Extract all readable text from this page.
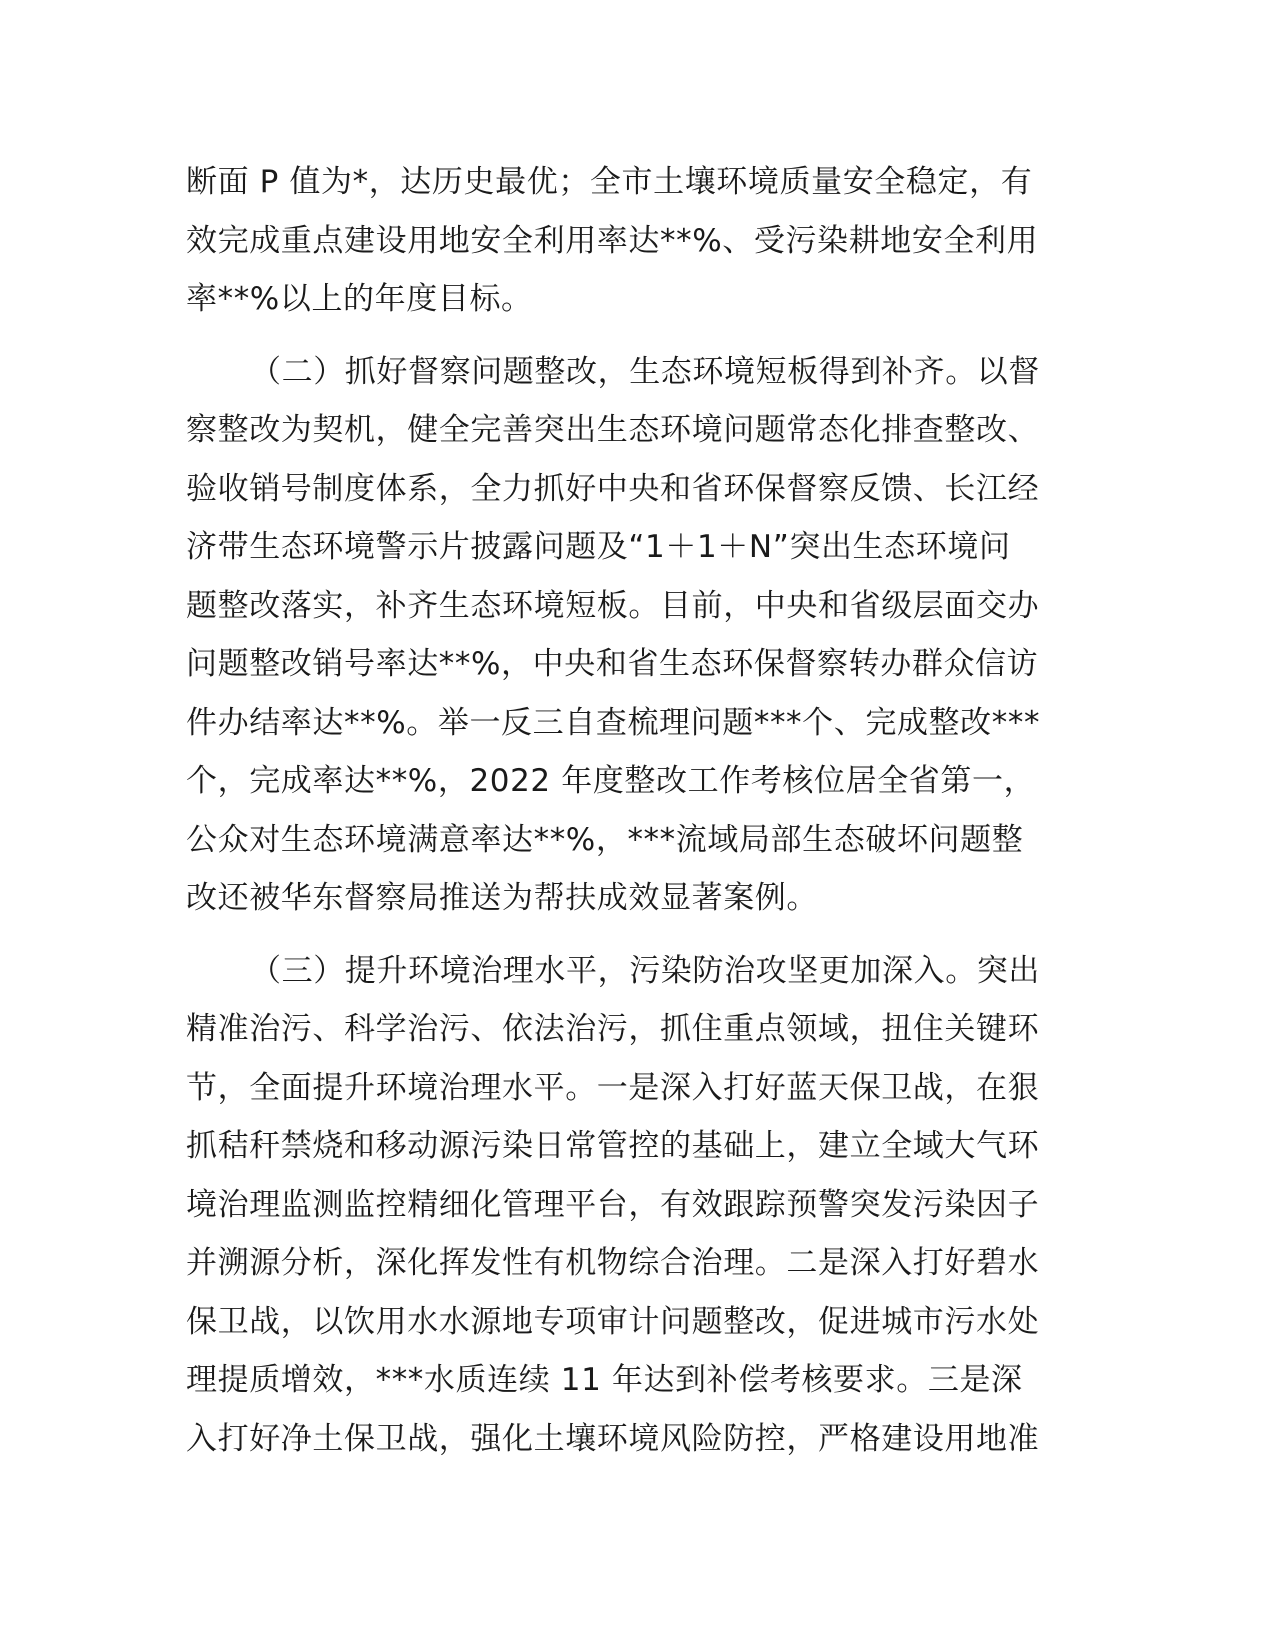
断面 P 值为*，达历史最优；全市土壤环境质量安全稳定，有
效完成重点建设用地安全利用率达**%、受污染耕地安全利用
率**%以上的年度目标。
（二）抓好督察问题整改，生态环境短板得到补齐。以督
察整改为契机，健全完善突出生态环境问题常态化排查整改、
验收销号制度体系，全力抓好中央和省环保督察反馈、长江经
济带生态环境警示片披露问题及“1＋1＋N”突出生态环境问
题整改落实，补齐生态环境短板。目前，中央和省级层面交办
问题整改销号率达**%，中央和省生态环保督察转办群众信访
件办结率达**%。举一反三自查梳理问题***个、完成整改***
个，完成率达**%，2022 年度整改工作考核位居全省第一，
公众对生态环境满意率达**%，***流域局部生态破坏问题整
改还被华东督察局推送为帮扶成效显著案例。
（三）提升环境治理水平，污染防治攻坚更加深入。突出
精准治污、科学治污、依法治污，抓住重点领域，扭住关键环
节，全面提升环境治理水平。一是深入打好蓝天保卫战，在狠
抓秸秆禁烧和移动源污染日常管控的基础上，建立全域大气环
境治理监测监控精细化管理平台，有效跟踪预警突发污染因子
并溯源分析，深化挥发性有机物综合治理。二是深入打好碧水
保卫战，以饮用水水源地专项审计问题整改，促进城市污水处
理提质增效，***水质连续 11 年达到补偿考核要求。三是深
入打好净土保卫战，强化土壤环境风险防控，严格建设用地准
